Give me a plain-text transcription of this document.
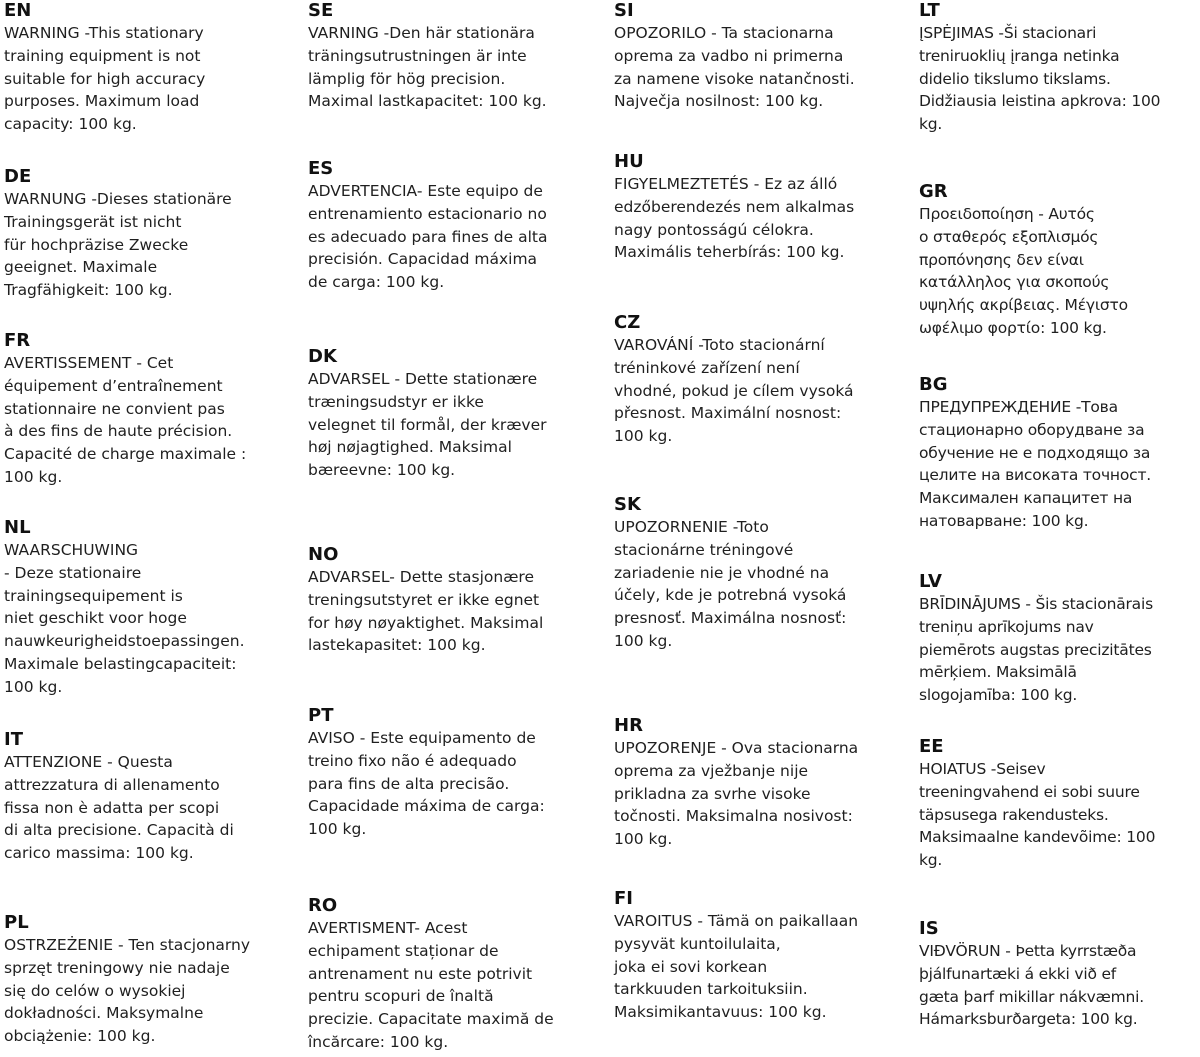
EN
WARNING -This stationary
training equipment is not
suitable for high accuracy
purposes. Maximum load
capacity: 100 kg.
DE
WARNUNG -Dieses stationäre
Trainingsgerät ist nicht
für hochpräzise Zwecke
geeignet. Maximale
Tragfähigkeit: 100 kg.
FR
AVERTISSEMENT - Cet
équipement d’entraînement
stationnaire ne convient pas
à des fins de haute précision.
Capacité de charge maximale :
100 kg.
NL
WAARSCHUWING
- Deze stationaire
trainingsequipement is
niet geschikt voor hoge
nauwkeurigheidstoepassingen.
Maximale belastingcapaciteit:
100 kg.
IT
ATTENZIONE - Questa
attrezzatura di allenamento
fissa non è adatta per scopi
di alta precisione. Capacità di
carico massima: 100 kg.
PL
OSTRZEŻENIE - Ten stacjonarny
sprzęt treningowy nie nadaje
się do celów o wysokiej
dokładności. Maksymalne
obciążenie: 100 kg.
SE
VARNING -Den här stationära
träningsutrustningen är inte
lämplig för hög precision.
Maximal lastkapacitet: 100 kg.
ES
ADVERTENCIA- Este equipo de
entrenamiento estacionario no
es adecuado para fines de alta
precisión. Capacidad máxima
de carga: 100 kg.
DK
ADVARSEL - Dette stationære
træningsudstyr er ikke
velegnet til formål, der kræver
høj nøjagtighed. Maksimal
bæreevne: 100 kg.
NO
ADVARSEL- Dette stasjonære
treningsutstyret er ikke egnet
for høy nøyaktighet. Maksimal
lastekapasitet: 100 kg.
PT
AVISO - Este equipamento de
treino fixo não é adequado
para fins de alta precisão.
Capacidade máxima de carga:
100 kg.
RO
AVERTISMENT- Acest
echipament staționar de
antrenament nu este potrivit
pentru scopuri de înaltă
precizie. Capacitate maximă de
încărcare: 100 kg.
SI
OPOZORILO - Ta stacionarna
oprema za vadbo ni primerna
za namene visoke natančnosti.
Največja nosilnost: 100 kg.
HU
FIGYELMEZTETÉS - Ez az álló
edzőberendezés nem alkalmas
nagy pontosságú célokra.
Maximális teherbírás: 100 kg.
CZ
VAROVÁNÍ -Toto stacionární
tréninkové zařízení není
vhodné, pokud je cílem vysoká
přesnost. Maximální nosnost:
100 kg.
SK
UPOZORNENIE -Toto
stacionárne tréningové
zariadenie nie je vhodné na
účely, kde je potrebná vysoká
presnosť. Maximálna nosnosť:
100 kg.
HR
UPOZORENJE - Ova stacionarna
oprema za vježbanje nije
prikladna za svrhe visoke
točnosti. Maksimalna nosivost:
100 kg.
FI
VAROITUS - Tämä on paikallaan
pysyvät kuntoilulaita,
joka ei sovi korkean
tarkkuuden tarkoituksiin.
Maksimikantavuus: 100 kg.
LT
ĮSPĖJIMAS -Ši stacionari
treniruoklių įranga netinka
didelio tikslumo tikslams.
Didžiausia leistina apkrova: 100
kg.
GR
Προειδοποίηση - Αυτός
ο σταθερός εξοπλισμός
προπόνησης δεν είναι
κατάλληλος για σκοπούς
υψηλής ακρίβειας. Μέγιστο
ωφέλιμο φορτίο: 100 kg.
BG
ПРЕДУПРЕЖДЕНИЕ -Това
стационарно оборудване за
обучение не е подходящо за
целите на високата точност.
Максимален капацитет на
натоварване: 100 kg.
LV
BRĪDINĀJUMS - Šis stacionārais
treniņu aprīkojums nav
piemērots augstas precizitātes
mērķiem. Maksimālā
slogojamība: 100 kg.
EE
HOIATUS -Seisev
treeningvahend ei sobi suure
täpsusega rakendusteks.
Maksimaalne kandevõime: 100
kg.
IS
VIÐVÖRUN - Þetta kyrrstæða
þjálfunartæki á ekki við ef
gæta þarf mikillar nákvæmni.
Hámarksburðargeta: 100 kg.
